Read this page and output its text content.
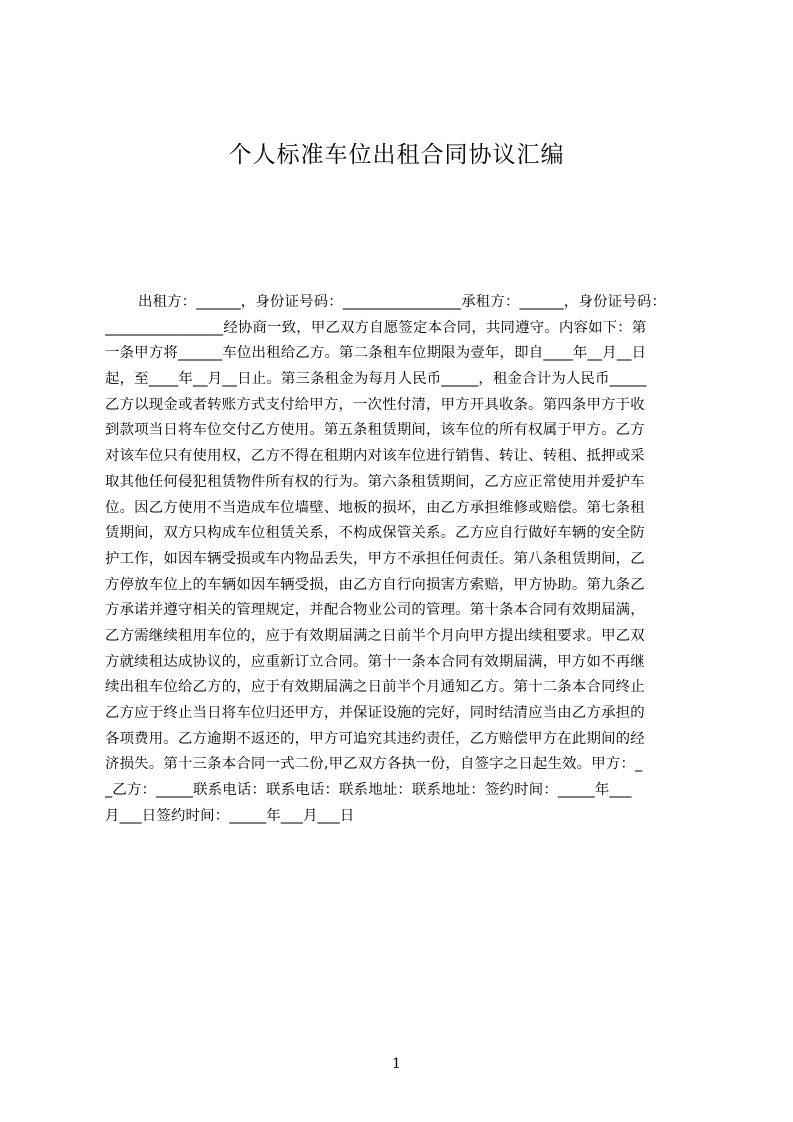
个人标准车位出租合同协议汇编
出租方：______，身份证号码：________________承租方：______，身份证号码：
________________经协商一致，甲乙双方自愿签定本合同，共同遵守。内容如下：第
一条甲方将______车位出租给乙方。第二条租车位期限为壹年，即自____年__月__日
起，至____年__月__日止。第三条租金为每月人民币_____，租金合计为人民币_____
乙方以现金或者转账方式支付给甲方，一次性付清，甲方开具收条。第四条甲方于收
到款项当日将车位交付乙方使用。第五条租赁期间，该车位的所有权属于甲方。乙方
对该车位只有使用权，乙方不得在租期内对该车位进行销售、转让、转租、抵押或采
取其他任何侵犯租赁物件所有权的行为。第六条租赁期间，乙方应正常使用并爱护车
位。因乙方使用不当造成车位墙壁、地板的损坏，由乙方承担维修或赔偿。第七条租
赁期间，双方只构成车位租赁关系，不构成保管关系。乙方应自行做好车辆的安全防
护工作，如因车辆受损或车内物品丢失，甲方不承担任何责任。第八条租赁期间，乙
方停放车位上的车辆如因车辆受损，由乙方自行向损害方索赔，甲方协助。第九条乙
方承诺并遵守相关的管理规定，并配合物业公司的管理。第十条本合同有效期届满，
乙方需继续租用车位的，应于有效期届满之日前半个月向甲方提出续租要求。甲乙双
方就续租达成协议的，应重新订立合同。第十一条本合同有效期届满，甲方如不再继
续出租车位给乙方的，应于有效期届满之日前半个月通知乙方。第十二条本合同终止
乙方应于终止当日将车位归还甲方，并保证设施的完好，同时结清应当由乙方承担的
各项费用。乙方逾期不返还的，甲方可追究其违约责任，乙方赔偿甲方在此期间的经
济损失。第十三条本合同一式二份,甲乙双方各执一份，自签字之日起生效。甲方：_
_乙方：_____联系电话：联系电话：联系地址：联系地址：签约时间：_____年___
月___日签约时间：_____年___月___日
1
